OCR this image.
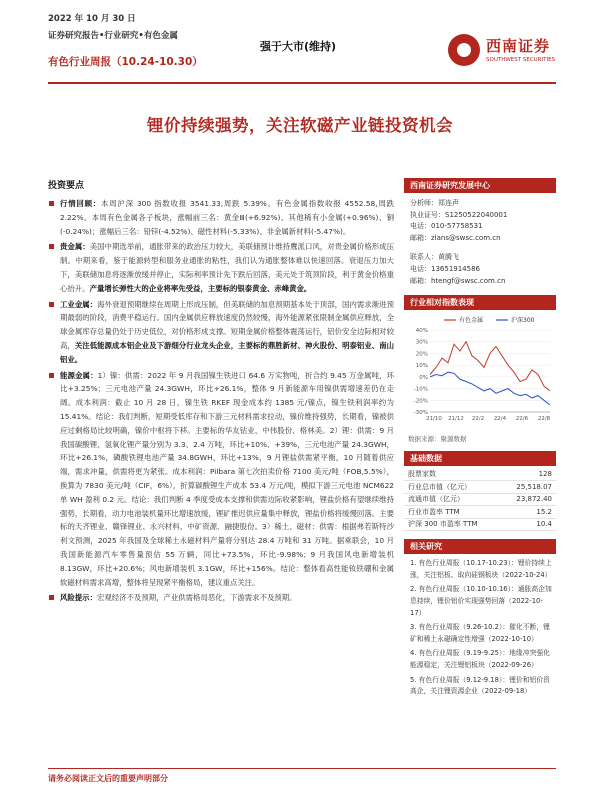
2022 年 10 月 30 日
证券研究报告•行业研究•有色金属
有色行业周报（10.24-10.30）
强于大市(维持)	西南证券
SOUTHWEST SECURITIES
锂价持续强势，关注软磁产业链投资机会
投资要点
行情回顾：本周沪深 300 指数收报 3541.33,周跌 5.39%。有色金属指数收报 4552.58,周跌 2.22%。本周有色金属各子板块，涨幅前三名：黄金Ⅲ(+6.92%)、其他稀有小金属(+0.96%)、铜(-0.24%)；涨幅后三名：铅锌(-4.52%)、磁性材料(-5.33%)、非金属新材料(-5.47%)。
贵金属：美国中期选举前，通胀带来的政治压力较大，美联储预计维持鹰派口风，对贵金属价格形成压制。中期来看，鉴于能源转型和服务业通胀的粘性，我们认为通胀整体难以快速回落。衰退压力加大下，美联储加息将逐渐放缓并停止，实际利率预计先下跌后回落，美元处于筑顶阶段，利于黄金价格重心抬升。产量增长弹性大的企业将率先受益，主要标的银泰黄金、赤峰黄金。
工业金属：海外衰退预期继续在周期上形成压制，但美联储的加息预期基本处于顶部，国内需求渐进预期最弱的阶段，消费平稳运行。国内金属供应释放速度仍然较慢，海外能源紧张限制金属供应释放，全球金属库存总量仍处于历史低位，对价格形成支撑。短期金属价格整体震荡运行，铝价安全边际相对较高，关注低能源成本铝企业及下游细分行业龙头企业，主要标的鼎胜新材、神火股份、明泰铝业、南山铝业。
能源金属：1）镍：供需：2022 年 9 月我国镍生铁进口 64.6 万实物吨，折合约 9.45 万金属吨，环比+3.25%；三元电池产量 24.3GWH，环比+26.1%，整体 9 月新能源车用镍供需增速差仍在走阔。成本利润：截止 10 月 28 日，镍生铁 RKEF 现金成本约 1385 元/镍点，镍生铁利润率约为 15.41%。结论：我们判断，短期受低库存和下游三元材料需求拉动，镍价维持强势，长期看，镍被供应过剩格局比较明确，镍价中枢将下移。主要标的华友钴业、中伟股份、格林美。2）锂：供需：9 月我国碳酸锂、氢氧化锂产量分别为 3.3、2.4 万吨，环比+10%、+39%，三元电池产量 24.3GWH，环比+26.1%，磷酸铁锂电池产量 34.8GWH，环比+13%，9 月锂盐供需紧平衡，10 月随着供应端，需求冲量，供需将更为紧张。成本利润：Pilbara 第七次拍卖价格 7100 美元/吨（FOB,5.5%），换算为 7830 美元/吨（CIF，6%），折算碳酸锂生产成本 53.4 万元/吨，模拟下游三元电池 NCM622 单 WH 盈利 0.2 元。结论：我们判断 4 季度受成本支撑和供需边际收紧影响，锂盐价格有望继续维持强势，长期看，动力电池装机量环比增速放缓，锂矿推迟供应量集中释放，锂盐价格将缓慢回落。主要标的天齐锂业、赣锋锂业、永兴材料、中矿资源、融捷股份。3）稀土、磁材：供需：根据弗若斯特沙利文预测，2025 年我国及全球稀土永磁材料产量将分别达 28.4 万吨和 31 万吨。据乘联会，10 月我国新能源汽车零售量预估 55 万辆，同比+73.5%，环比-9.98%；9 月我国风电新增装机 8.13GW，环比+20.6%；风电新增装机 3.1GW，环比+156%。结论：整体看高性能钕铁硼和金属软磁材料需求高增，整体将呈现紧平衡格局，建议重点关注。
风险提示：宏观经济不及预期，产业供需格局恶化，下游需求不及预期。
西南证券研究发展中心
分析师：郑连声
执业证号：S1250522040001
电话：010-57758531
邮箱：zlans@swsc.com.cn
联系人：黄腾飞
电话：13651914586
邮箱：htengf@swsc.com.cn
行业相对指数表现
40%
30%
20%
10%
0%
-10%
-20%
-30%
21/10 21/12 22/2 22/4 22/6 22/8
有色金属	沪深300
数据来源：聚源数据
基础数据
股票家数	128
行业总市值（亿元）	25,518.07
流通市值（亿元）	23,872.40
行业市盈率 TTM	15.2
沪深 300 市盈率 TTM	10.4
相关研究
1. 有色行业周报（10.17-10.23）：锂价持续上涨，关注铝板、取向硅钢板块（2022-10-24）
2. 有色行业周报（10.10-10.16）：通胀高企加息持续，锂价铝价实现强势回落（2022-10-17）
3. 有色行业周报（9.26-10.2）：催化不断，锂矿和稀土永磁确定性增强（2022-10-10）
4. 有色行业周报（9.19-9.25）：地缘冲突强化能源稳定，关注锂铝板块（2022-09-26）
5. 有色行业周报（9.12-9.18）：锂价和铝价资高企，关注锂资源企业（2022-09-18）
请务必阅读正文后的重要声明部分
